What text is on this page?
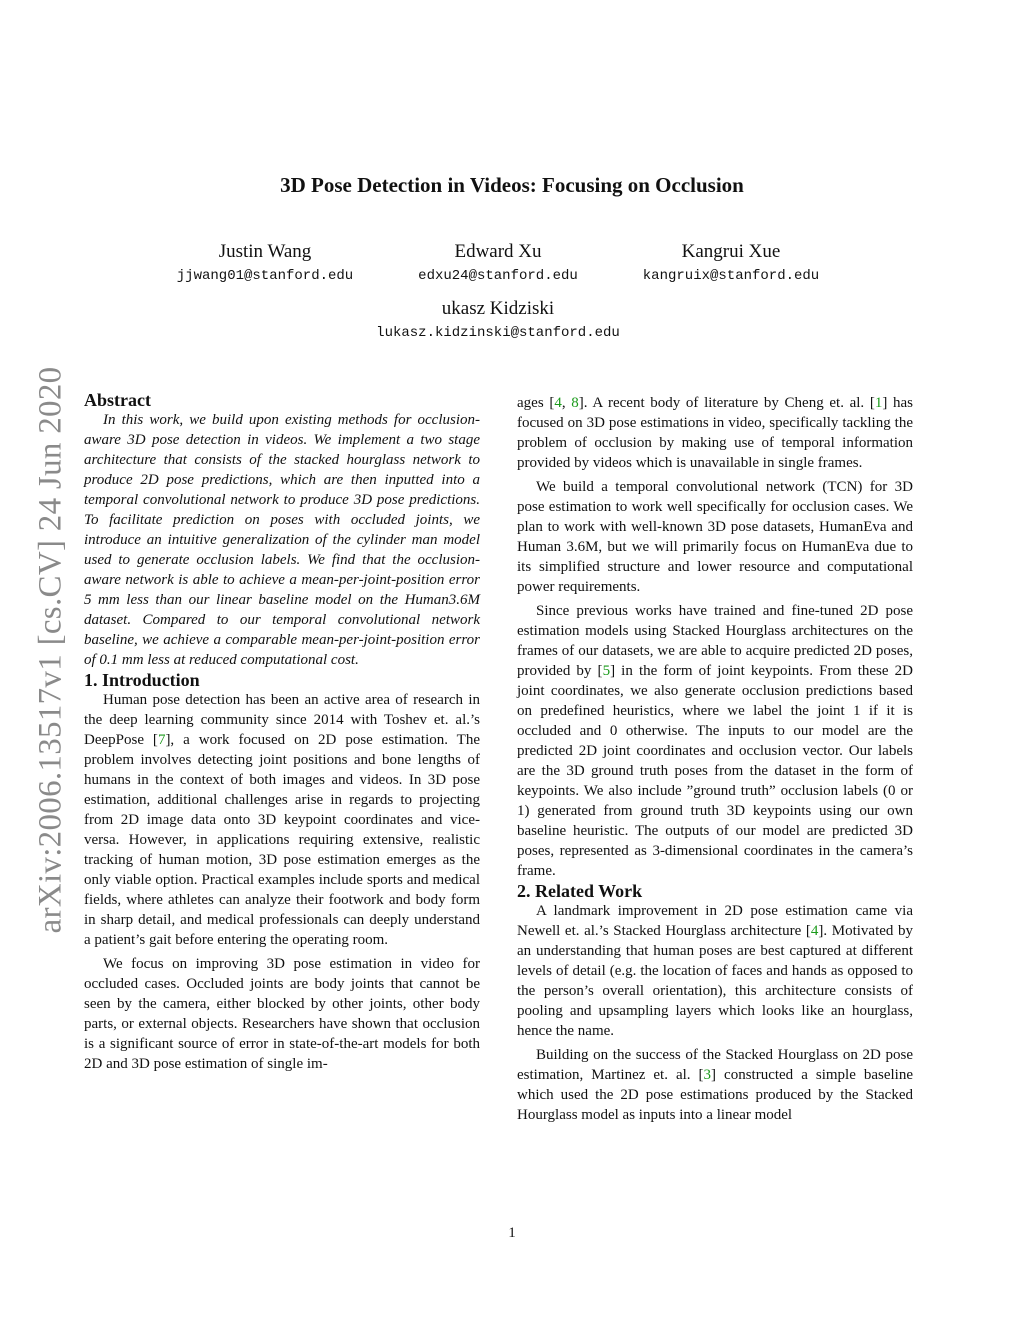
arXiv:2006.13517v1 [cs.CV] 24 Jun 2020
3D Pose Detection in Videos: Focusing on Occlusion
Justin Wang
jjwang01@stanford.edu
Edward Xu
edxu24@stanford.edu
Kangrui Xue
kangruix@stanford.edu
ukasz Kidziski
lukasz.kidzinski@stanford.edu

Abstract

In this work, we build upon existing methods for occlusion-aware 3D pose detection in videos. We implement a two stage architecture that consists of the stacked hourglass network to produce 2D pose predictions, which are then inputted into a temporal convolutional network to produce 3D pose predictions. To facilitate prediction on poses with occluded joints, we introduce an intuitive generalization of the cylinder man model used to generate occlusion labels. We find that the occlusion-aware network is able to achieve a mean-per-joint-position error 5 mm less than our linear baseline model on the Human3.6M dataset. Compared to our temporal convolutional network baseline, we achieve a comparable mean-per-joint-position error of 0.1 mm less at reduced computational cost.

1. Introduction

Human pose detection has been an active area of research in the deep learning community since 2014 with Toshev et. al.’s DeepPose [7], a work focused on 2D pose estimation. The problem involves detecting joint positions and bone lengths of humans in the context of both images and videos. In 3D pose estimation, additional challenges arise in regards to projecting from 2D image data onto 3D keypoint coordinates and vice-versa. However, in applications requiring extensive, realistic tracking of human motion, 3D pose estimation emerges as the only viable option. Practical examples include sports and medical fields, where athletes can analyze their footwork and body form in sharp detail, and medical professionals can deeply understand a patient’s gait before entering the operating room.

We focus on improving 3D pose estimation in video for occluded cases. Occluded joints are body joints that cannot be seen by the camera, either blocked by other joints, other body parts, or external objects. Researchers have shown that occlusion is a significant source of error in state-of-the-art models for both 2D and 3D pose estimation of single im-

ages [4, 8]. A recent body of literature by Cheng et. al. [1] has focused on 3D pose estimations in video, specifically tackling the problem of occlusion by making use of temporal information provided by videos which is unavailable in single frames.

We build a temporal convolutional network (TCN) for 3D pose estimation to work well specifically for occlusion cases. We plan to work with well-known 3D pose datasets, HumanEva and Human 3.6M, but we will primarily focus on HumanEva due to its simplified structure and lower resource and computational power requirements.

Since previous works have trained and fine-tuned 2D pose estimation models using Stacked Hourglass architectures on the frames of our datasets, we are able to acquire predicted 2D poses, provided by [5] in the form of joint keypoints. From these 2D joint coordinates, we also generate occlusion predictions based on predefined heuristics, where we label the joint 1 if it is occluded and 0 otherwise. The inputs to our model are the predicted 2D joint coordinates and occlusion vector. Our labels are the 3D ground truth poses from the dataset in the form of keypoints. We also include ”ground truth” occlusion labels (0 or 1) generated from ground truth 3D keypoints using our own baseline heuristic. The outputs of our model are predicted 3D poses, represented as 3-dimensional coordinates in the camera’s frame.

2. Related Work

A landmark improvement in 2D pose estimation came via Newell et. al.’s Stacked Hourglass architecture [4]. Motivated by an understanding that human poses are best captured at different levels of detail (e.g. the location of faces and hands as opposed to the person’s overall orientation), this architecture consists of pooling and upsampling layers which looks like an hourglass, hence the name.

Building on the success of the Stacked Hourglass on 2D pose estimation, Martinez et. al. [3] constructed a simple baseline which used the 2D pose estimations produced by the Stacked Hourglass model as inputs into a linear model

1
